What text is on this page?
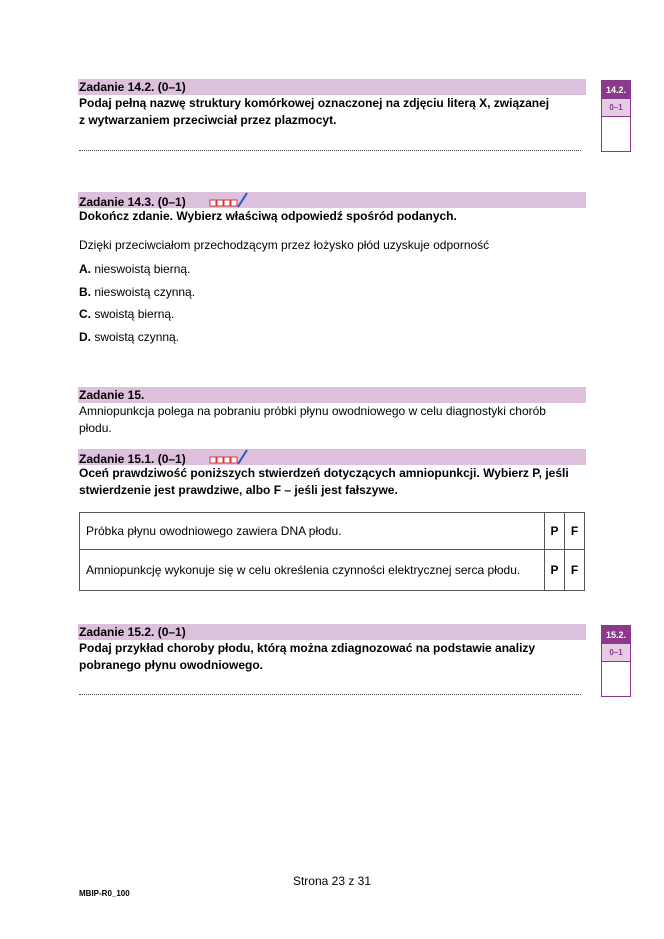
Zadanie 14.2. (0–1)
Podaj pełną nazwę struktury komórkowej oznaczonej na zdjęciu literą X, związanej
z wytwarzaniem przeciwciał przez plazmocyt.
14.2.
0–1
Zadanie 14.3. (0–1)
Dokończ zdanie. Wybierz właściwą odpowiedź spośród podanych.
Dzięki przeciwciałom przechodzącym przez łożysko płód uzyskuje odporność
A. nieswoistą bierną.
B. nieswoistą czynną.
C. swoistą bierną.
D. swoistą czynną.
Zadanie 15.
Amniopunkcja polega na pobraniu próbki płynu owodniowego w celu diagnostyki chorób
płodu.
Zadanie 15.1. (0–1)
Oceń prawdziwość poniższych stwierdzeń dotyczących amniopunkcji. Wybierz P, jeśli
stwierdzenie jest prawdziwe, albo F – jeśli jest fałszywe.
Próbka płynu owodniowego zawiera DNA płodu.	P	F
Amniopunkcję wykonuje się w celu określenia czynności elektrycznej serca płodu.	P	F
Zadanie 15.2. (0–1)
Podaj przykład choroby płodu, którą można zdiagnozować na podstawie analizy
pobranego płynu owodniowego.
15.2.
0–1
Strona 23 z 31
MBIP-R0_100
